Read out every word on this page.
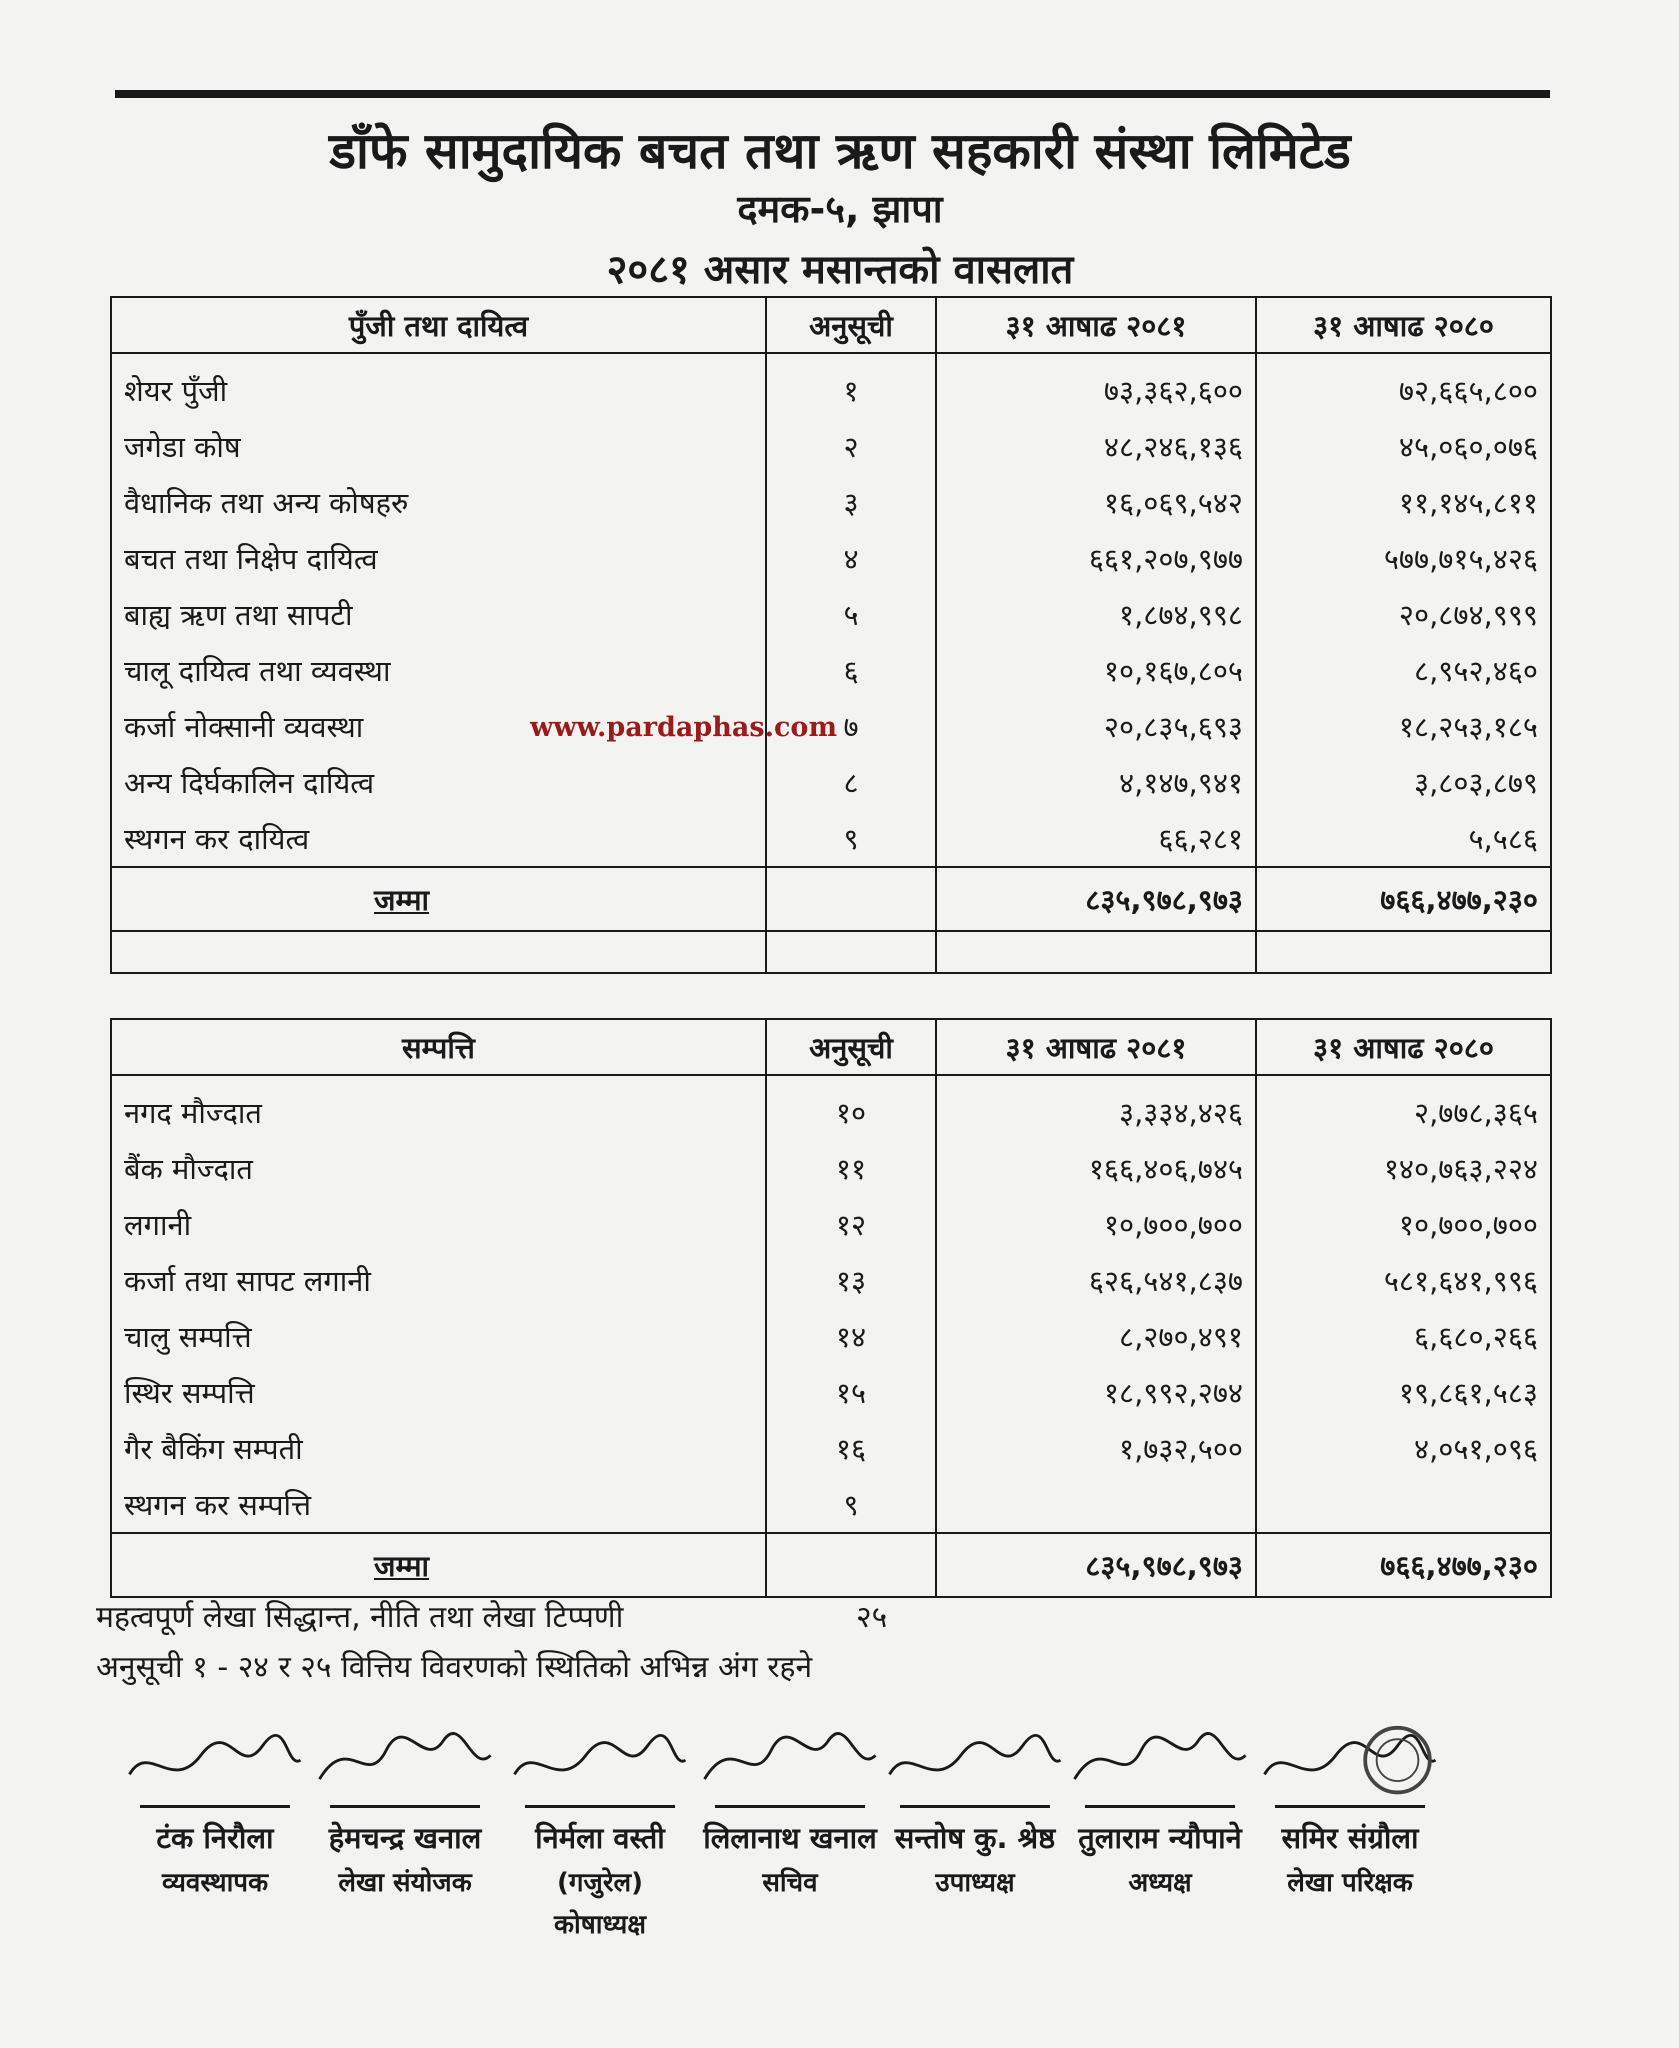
डाँफे सामुदायिक बचत तथा ऋण सहकारी संस्था लिमिटेड
दमक-५, झापा
२०८१ असार मसान्तको वासलात
पुँजी तथा दायित्व	अनुसूची	३१ आषाढ २०८१	३१ आषाढ २०८०
शेयर पुँजी	१	७३,३६२,६००	७२,६६५,८००
जगेडा कोष	२	४८,२४६,१३६	४५,०६०,०७६
वैधानिक तथा अन्य कोषहरु	३	१६,०६९,५४२	११,१४५,८११
बचत तथा निक्षेप दायित्व	४	६६१,२०७,९७७	५७७,७१५,४२६
बाह्य ऋण तथा सापटी	५	१,८७४,९९८	२०,८७४,९९९
चालू दायित्व तथा व्यवस्था	६	१०,१६७,८०५	८,९५२,४६०
कर्जा नोक्सानी व्यवस्था	७	२०,८३५,६९३	१८,२५३,१८५
अन्य दिर्घकालिन दायित्व	८	४,१४७,९४१	३,८०३,८७९
स्थगन कर दायित्व	९	६६,२८१	५,५८६
जम्मा		८३५,९७८,९७३	७६६,४७७,२३०

www.pardaphas.com
सम्पत्ति	अनुसूची	३१ आषाढ २०८१	३१ आषाढ २०८०
नगद मौज्दात	१०	३,३३४,४२६	२,७७८,३६५
बैंक मौज्दात	११	१६६,४०६,७४५	१४०,७६३,२२४
लगानी	१२	१०,७००,७००	१०,७००,७००
कर्जा तथा सापट लगानी	१३	६२६,५४१,८३७	५८१,६४१,९९६
चालु सम्पत्ति	१४	८,२७०,४९१	६,६८०,२६६
स्थिर सम्पत्ति	१५	१८,९९२,२७४	१९,८६१,५८३
गैर बैकिंग सम्पती	१६	१,७३२,५००	४,०५१,०९६
स्थगन कर सम्पत्ति	९		
जम्मा		८३५,९७८,९७३	७६६,४७७,२३०
महत्वपूर्ण लेखा सिद्धान्त, नीति तथा लेखा टिप्पणी	२५
अनुसूची १ - २४ र २५ वित्तिय विवरणको स्थितिको अभिन्न अंग रहने
टंक निरौला
व्यवस्थापक
हेमचन्द्र खनाल
लेखा संयोजक
निर्मला वस्ती
(गजुरेल)
कोषाध्यक्ष
लिलानाथ खनाल
सचिव
सन्तोष कु. श्रेष्ठ
उपाध्यक्ष
तुलाराम न्यौपाने
अध्यक्ष
समिर संग्रौला
लेखा परिक्षक
